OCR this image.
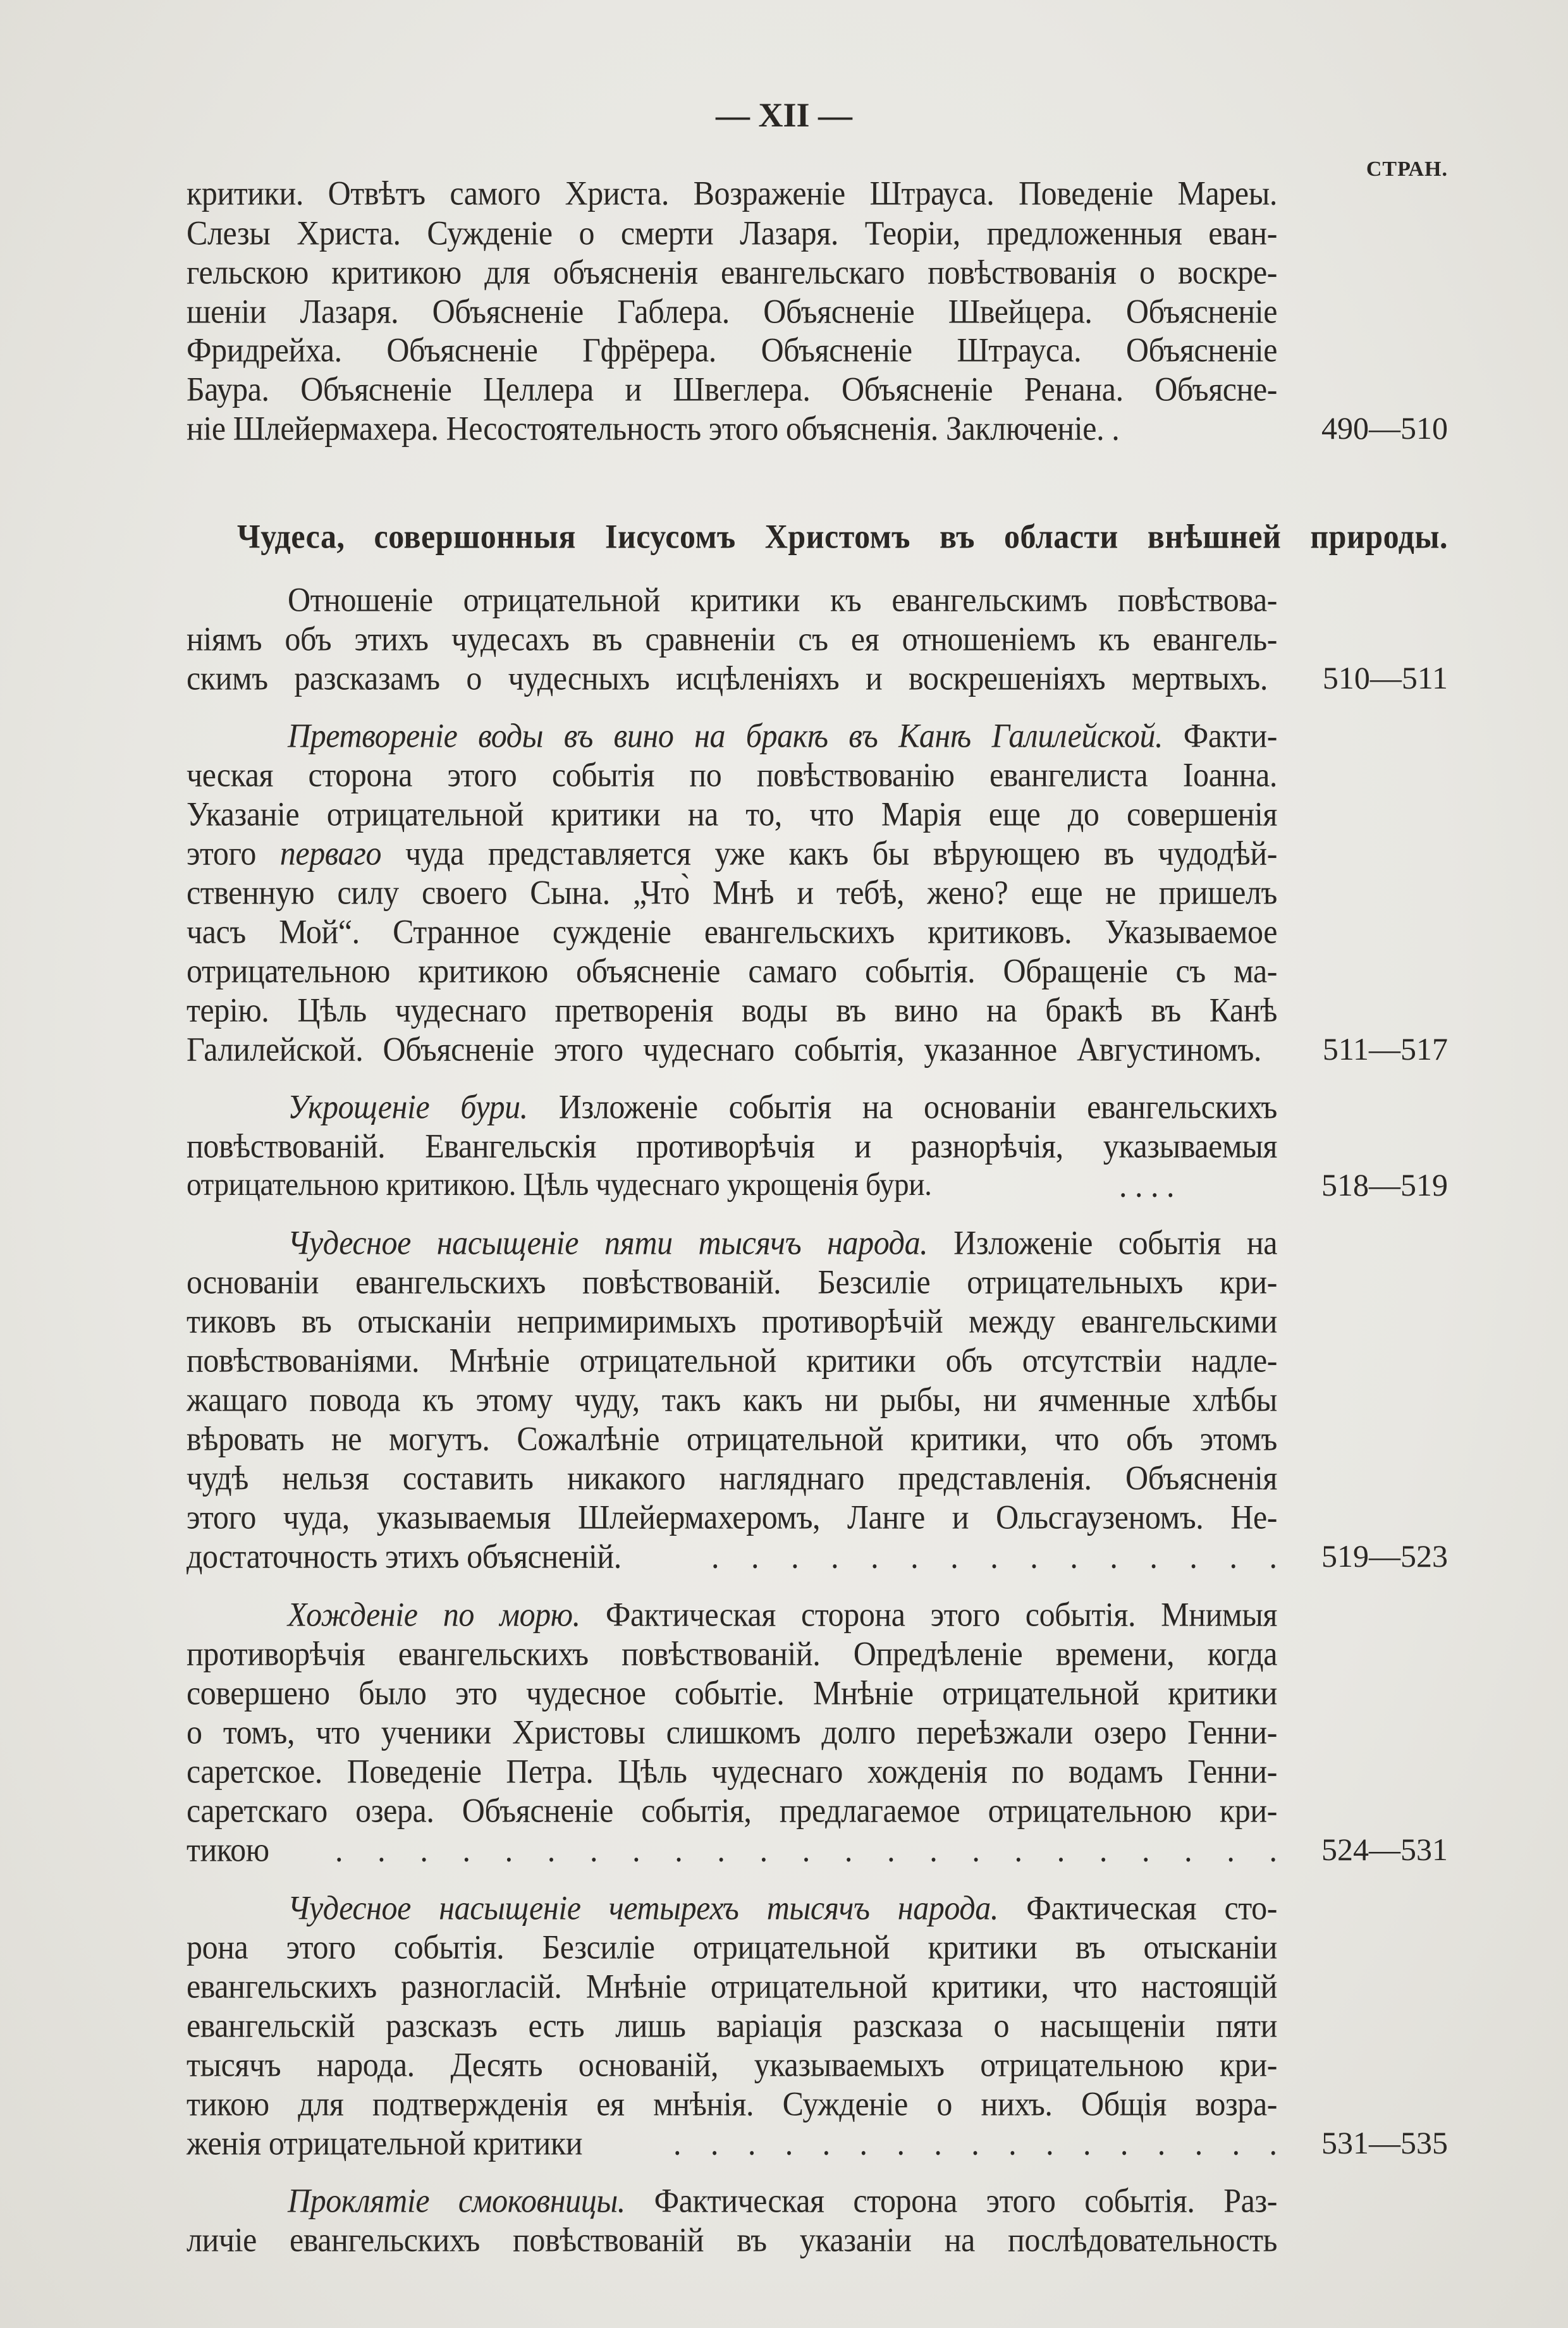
— XII —
СТРАН.
критики. Отвѣтъ самого Христа. Возраженіе Штрауса. Поведеніе Мареы.
Слезы Христа. Сужденіе о смерти Лазаря. Теоріи, предложенныя еван-
гельскою критикою для объясненія евангельскаго повѣствованія о воскре-
шеніи Лазаря. Объясненіе Габлера. Объясненіе Швейцера. Объясненіе
Фридрейха. Объясненіе Гфрёрера. Объясненіе Штрауса. Объясненіе
Баура. Объясненіе Целлера и Швеглера. Объясненіе Ренана. Объясне-
ніе Шлейермахера. Несостоятельность этого объясненія. Заключеніе. .	490—510
Чудеса, совершонныя Іисусомъ Христомъ въ области внѣшней природы.
Отношеніе отрицательной критики къ евангельскимъ повѣствова-
ніямъ объ этихъ чудесахъ въ сравненіи съ ея отношеніемъ къ евангель-
скимъ разсказамъ о чудесныхъ исцѣленіяхъ и воскрешеніяхъ мертвыхъ. 510—511
Претвореніе воды въ вино на бракѣ въ Канѣ Галилейской. Факти-
ческая сторона этого событія по повѣствованію евангелиста Іоанна.
Указаніе отрицательной критики на то, что Марія еще до совершенія
этого перваго чуда представляется уже какъ бы вѣрующею въ чудодѣй-
ственную силу своего Сына. „Что̀ Мнѣ и тебѣ, жено? еще не пришелъ
часъ Мой“. Странное сужденіе евангельскихъ критиковъ. Указываемое
отрицательною критикою объясненіе самаго событія. Обращеніе съ ма-
терію. Цѣль чудеснаго претворенія воды въ вино на бракѣ въ Канѣ
Галилейской. Объясненіе этого чудеснаго событія, указанное Августиномъ. 511—517
Укрощеніе бури. Изложеніе событія на основаніи евангельскихъ
повѣствованій. Евангельскія противорѣчія и разнорѣчія, указываемыя
отрицательною критикою. Цѣль чудеснаго укрощенія бури.	. . . .	518—519
Чудесное насыщеніе пяти тысячъ народа. Изложеніе событія на
основаніи евангельскихъ повѣствованій. Безсиліе отрицательныхъ кри-
тиковъ въ отысканіи непримиримыхъ противорѣчій между евангельскими
повѣствованіями. Мнѣніе отрицательной критики объ отсутствіи надле-
жащаго повода къ этому чуду, такъ какъ ни рыбы, ни ячменные хлѣбы
вѣровать не могутъ. Сожалѣніе отрицательной критики, что объ этомъ
чудѣ нельзя составить никакого нагляднаго представленія. Объясненія
этого чуда, указываемыя Шлейермахеромъ, Ланге и Ольсгаузеномъ. Не-
достаточность этихъ объясненій.	. . . . . . . . . . . . . . . 519—523
Хожденіе по морю. Фактическая сторона этого событія. Мнимыя
противорѣчія евангельскихъ повѣствованій. Опредѣленіе времени, когда
совершено было это чудесное событіе. Мнѣніе отрицательной критики
о томъ, что ученики Христовы слишкомъ долго переѣзжали озеро Генни-
саретское. Поведеніе Петра. Цѣль чудеснаго хожденія по водамъ Генни-
саретскаго озера. Объясненіе событія, предлагаемое отрицательною кри-
тикою	. . . . . . . . . . . . . . . . . . . . . . . 524—531
Чудесное насыщеніе четырехъ тысячъ народа. Фактическая сто-
рона этого событія. Безсиліе отрицательной критики въ отысканіи
евангельскихъ разногласій. Мнѣніе отрицательной критики, что настоящій
евангельскій разсказъ есть лишь варіація разсказа о насыщеніи пяти
тысячъ народа. Десять основаній, указываемыхъ отрицательною кри-
тикою для подтвержденія ея мнѣнія. Сужденіе о нихъ. Общія возра-
женія отрицательной критики	. . . . . . . . . . . . . . . . . 531—535
Проклятіе смоковницы. Фактическая сторона этого событія. Раз-
личіе евангельскихъ повѣствованій въ указаніи на послѣдовательность
